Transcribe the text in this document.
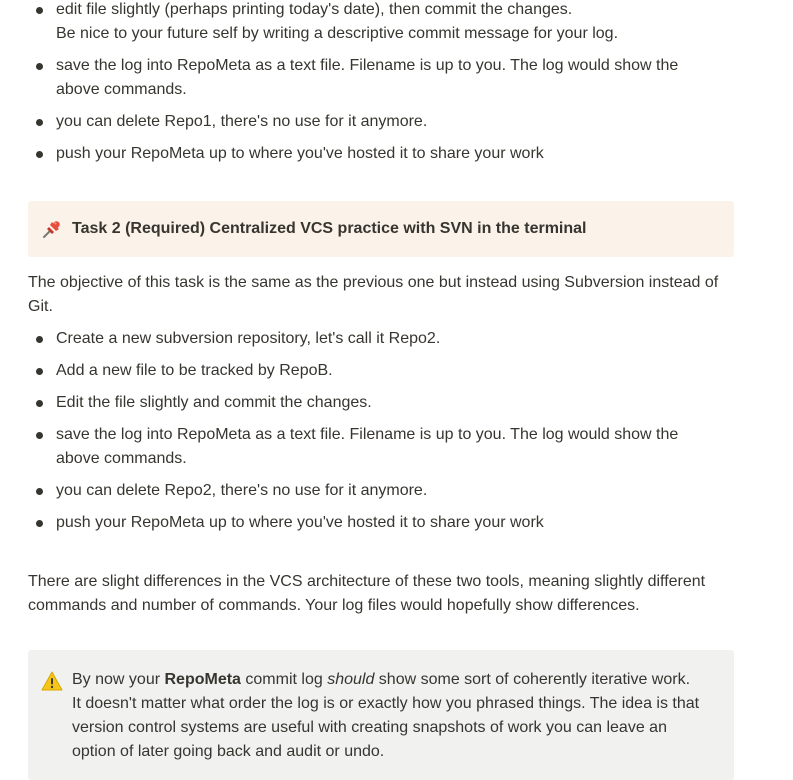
edit file slightly (perhaps printing today's date), then commit the changes.
Be nice to your future self by writing a descriptive commit message for your log.
save the log into RepoMeta as a text file. Filename is up to you. The log would show the
above commands.
you can delete Repo1, there's no use for it anymore.
push your RepoMeta up to where you've hosted it to share your work
Task 2 (Required) Centralized VCS practice with SVN in the terminal

The objective of this task is the same as the previous one but instead using Subversion instead of
Git.

Create a new subversion repository, let's call it Repo2.
Add a new file to be tracked by RepoB.
Edit the file slightly and commit the changes.
save the log into RepoMeta as a text file. Filename is up to you. The log would show the
above commands.
you can delete Repo2, there's no use for it anymore.
push your RepoMeta up to where you've hosted it to share your work

There are slight differences in the VCS architecture of these two tools, meaning slightly different
commands and number of commands. Your log files would hopefully show differences.

By now your RepoMeta commit log should show some sort of coherently iterative work.
It doesn't matter what order the log is or exactly how you phrased things. The idea is that
version control systems are useful with creating snapshots of work you can leave an
option of later going back and audit or undo.
